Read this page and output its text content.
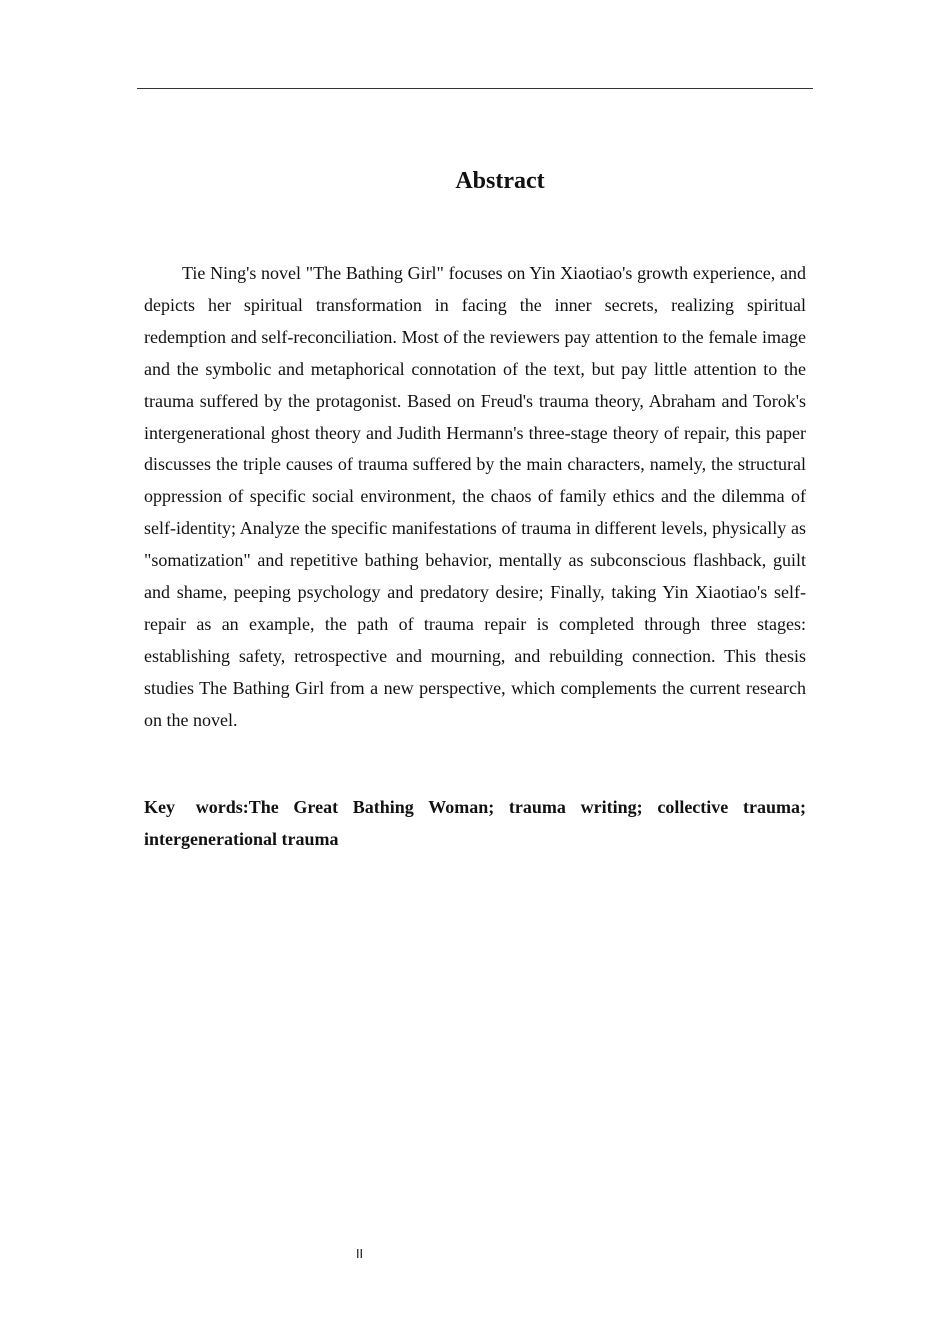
Abstract

Tie Ning's novel "The Bathing Girl" focuses on Yin Xiaotiao's growth experience, and depicts her spiritual transformation in facing the inner secrets, realizing spiritual redemption and self-reconciliation. Most of the reviewers pay attention to the female image and the symbolic and metaphorical connotation of the text, but pay little attention to the trauma suffered by the protagonist. Based on Freud's trauma theory, Abraham and Torok's intergenerational ghost theory and Judith Hermann's three-stage theory of repair, this paper discusses the triple causes of trauma suffered by the main characters, namely, the structural oppression of specific social environment, the chaos of family ethics and the dilemma of self-identity; Analyze the specific manifestations of trauma in different levels, physically as "somatization" and repetitive bathing behavior, mentally as subconscious flashback, guilt and shame, peeping psychology and predatory desire; Finally, taking Yin Xiaotiao's self-repair as an example, the path of trauma repair is completed through three stages: establishing safety, retrospective and mourning, and rebuilding connection. This thesis studies The Bathing Girl from a new perspective, which complements the current research on the novel.

Key words:The Great Bathing Woman; trauma writing; collective trauma; intergenerational trauma

II
